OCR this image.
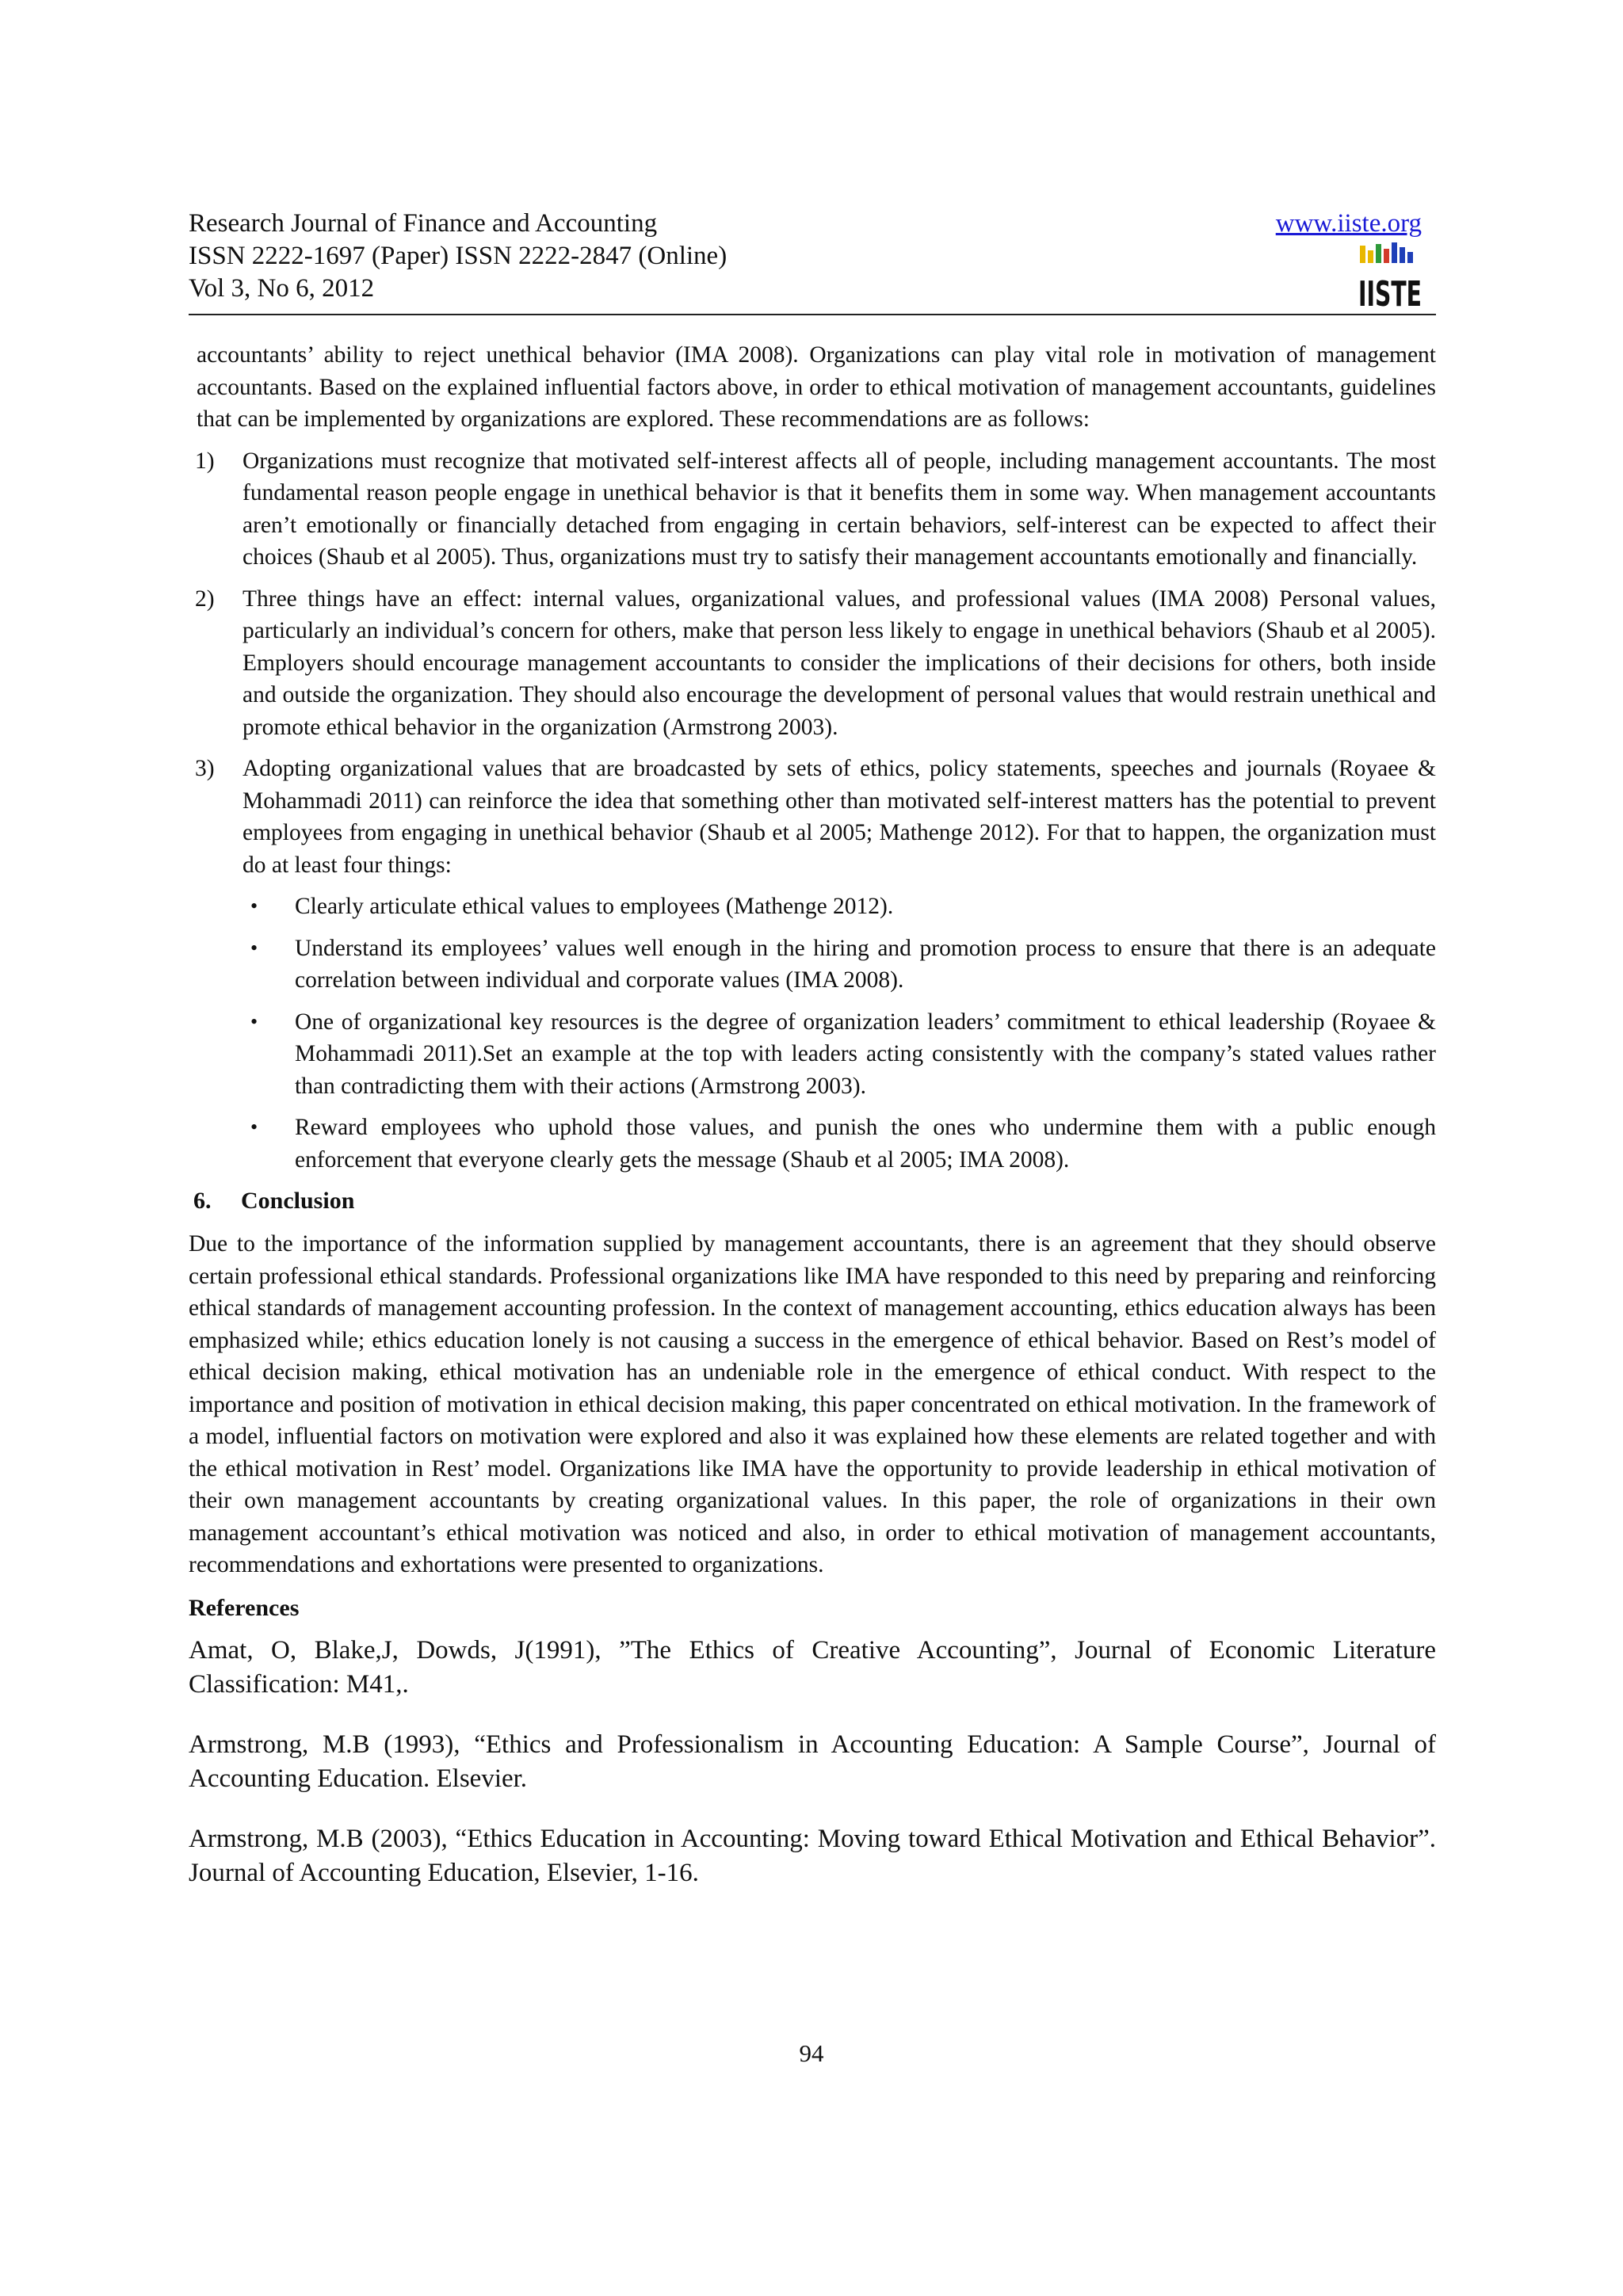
Research Journal of Finance and Accounting
ISSN 2222-1697 (Paper) ISSN 2222-2847 (Online)
Vol 3, No 6, 2012
www.iiste.org
IISTE

accountants’ ability to reject unethical behavior (IMA 2008). Organizations can play vital role in motivation of management accountants. Based on the explained influential factors above, in order to ethical motivation of management accountants, guidelines that can be implemented by organizations are explored. These recommendations are as follows:

1) Organizations must recognize that motivated self-interest affects all of people, including management accountants. The most fundamental reason people engage in unethical behavior is that it benefits them in some way. When management accountants aren’t emotionally or financially detached from engaging in certain behaviors, self-interest can be expected to affect their choices (Shaub et al 2005). Thus, organizations must try to satisfy their management accountants emotionally and financially.

2) Three things have an effect: internal values, organizational values, and professional values (IMA 2008) Personal values, particularly an individual’s concern for others, make that person less likely to engage in unethical behaviors (Shaub et al 2005). Employers should encourage management accountants to consider the implications of their decisions for others, both inside and outside the organization. They should also encourage the development of personal values that would restrain unethical and promote ethical behavior in the organization (Armstrong 2003).

3) Adopting organizational values that are broadcasted by sets of ethics, policy statements, speeches and journals (Royaee & Mohammadi 2011) can reinforce the idea that something other than motivated self-interest matters has the potential to prevent employees from engaging in unethical behavior (Shaub et al 2005; Mathenge 2012). For that to happen, the organization must do at least four things:

• Clearly articulate ethical values to employees (Mathenge 2012).

• Understand its employees’ values well enough in the hiring and promotion process to ensure that there is an adequate correlation between individual and corporate values (IMA 2008).

• One of organizational key resources is the degree of organization leaders’ commitment to ethical leadership (Royaee & Mohammadi 2011).Set an example at the top with leaders acting consistently with the company’s stated values rather than contradicting them with their actions (Armstrong 2003).

• Reward employees who uphold those values, and punish the ones who undermine them with a public enough enforcement that everyone clearly gets the message (Shaub et al 2005; IMA 2008).

6. Conclusion

Due to the importance of the information supplied by management accountants, there is an agreement that they should observe certain professional ethical standards. Professional organizations like IMA have responded to this need by preparing and reinforcing ethical standards of management accounting profession. In the context of management accounting, ethics education always has been emphasized while; ethics education lonely is not causing a success in the emergence of ethical behavior. Based on Rest’s model of ethical decision making, ethical motivation has an undeniable role in the emergence of ethical conduct. With respect to the importance and position of motivation in ethical decision making, this paper concentrated on ethical motivation. In the framework of a model, influential factors on motivation were explored and also it was explained how these elements are related together and with the ethical motivation in Rest’ model. Organizations like IMA have the opportunity to provide leadership in ethical motivation of their own management accountants by creating organizational values. In this paper, the role of organizations in their own management accountant’s ethical motivation was noticed and also, in order to ethical motivation of management accountants, recommendations and exhortations were presented to organizations.

References

Amat, O, Blake,J, Dowds, J(1991), ”The Ethics of Creative Accounting”, Journal of Economic Literature Classification: M41,.

Armstrong, M.B (1993), “Ethics and Professionalism in Accounting Education: A Sample Course”, Journal of Accounting Education. Elsevier.

Armstrong, M.B (2003), “Ethics Education in Accounting: Moving toward Ethical Motivation and Ethical Behavior”. Journal of Accounting Education, Elsevier, 1-16.

94
